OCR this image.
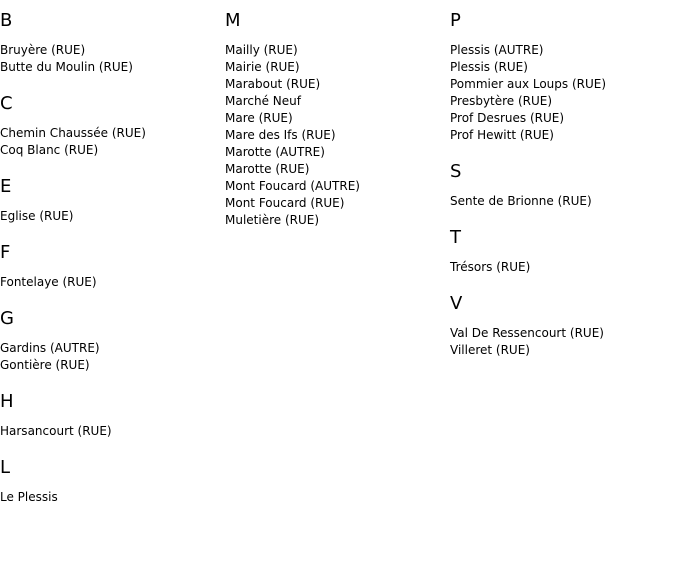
B
Bruyère (RUE)
Butte du Moulin (RUE)
C
Chemin Chaussée (RUE)
Coq Blanc (RUE)
E
Eglise (RUE)
F
Fontelaye (RUE)
G
Gardins (AUTRE)
Gontière (RUE)
H
Harsancourt (RUE)
L
Le Plessis
M
Mailly (RUE)
Mairie (RUE)
Marabout (RUE)
Marché Neuf
Mare (RUE)
Mare des Ifs (RUE)
Marotte (AUTRE)
Marotte (RUE)
Mont Foucard (AUTRE)
Mont Foucard (RUE)
Muletière (RUE)
P
Plessis (AUTRE)
Plessis (RUE)
Pommier aux Loups (RUE)
Presbytère (RUE)
Prof Desrues (RUE)
Prof Hewitt (RUE)
S
Sente de Brionne (RUE)
T
Trésors (RUE)
V
Val De Ressencourt (RUE)
Villeret (RUE)
